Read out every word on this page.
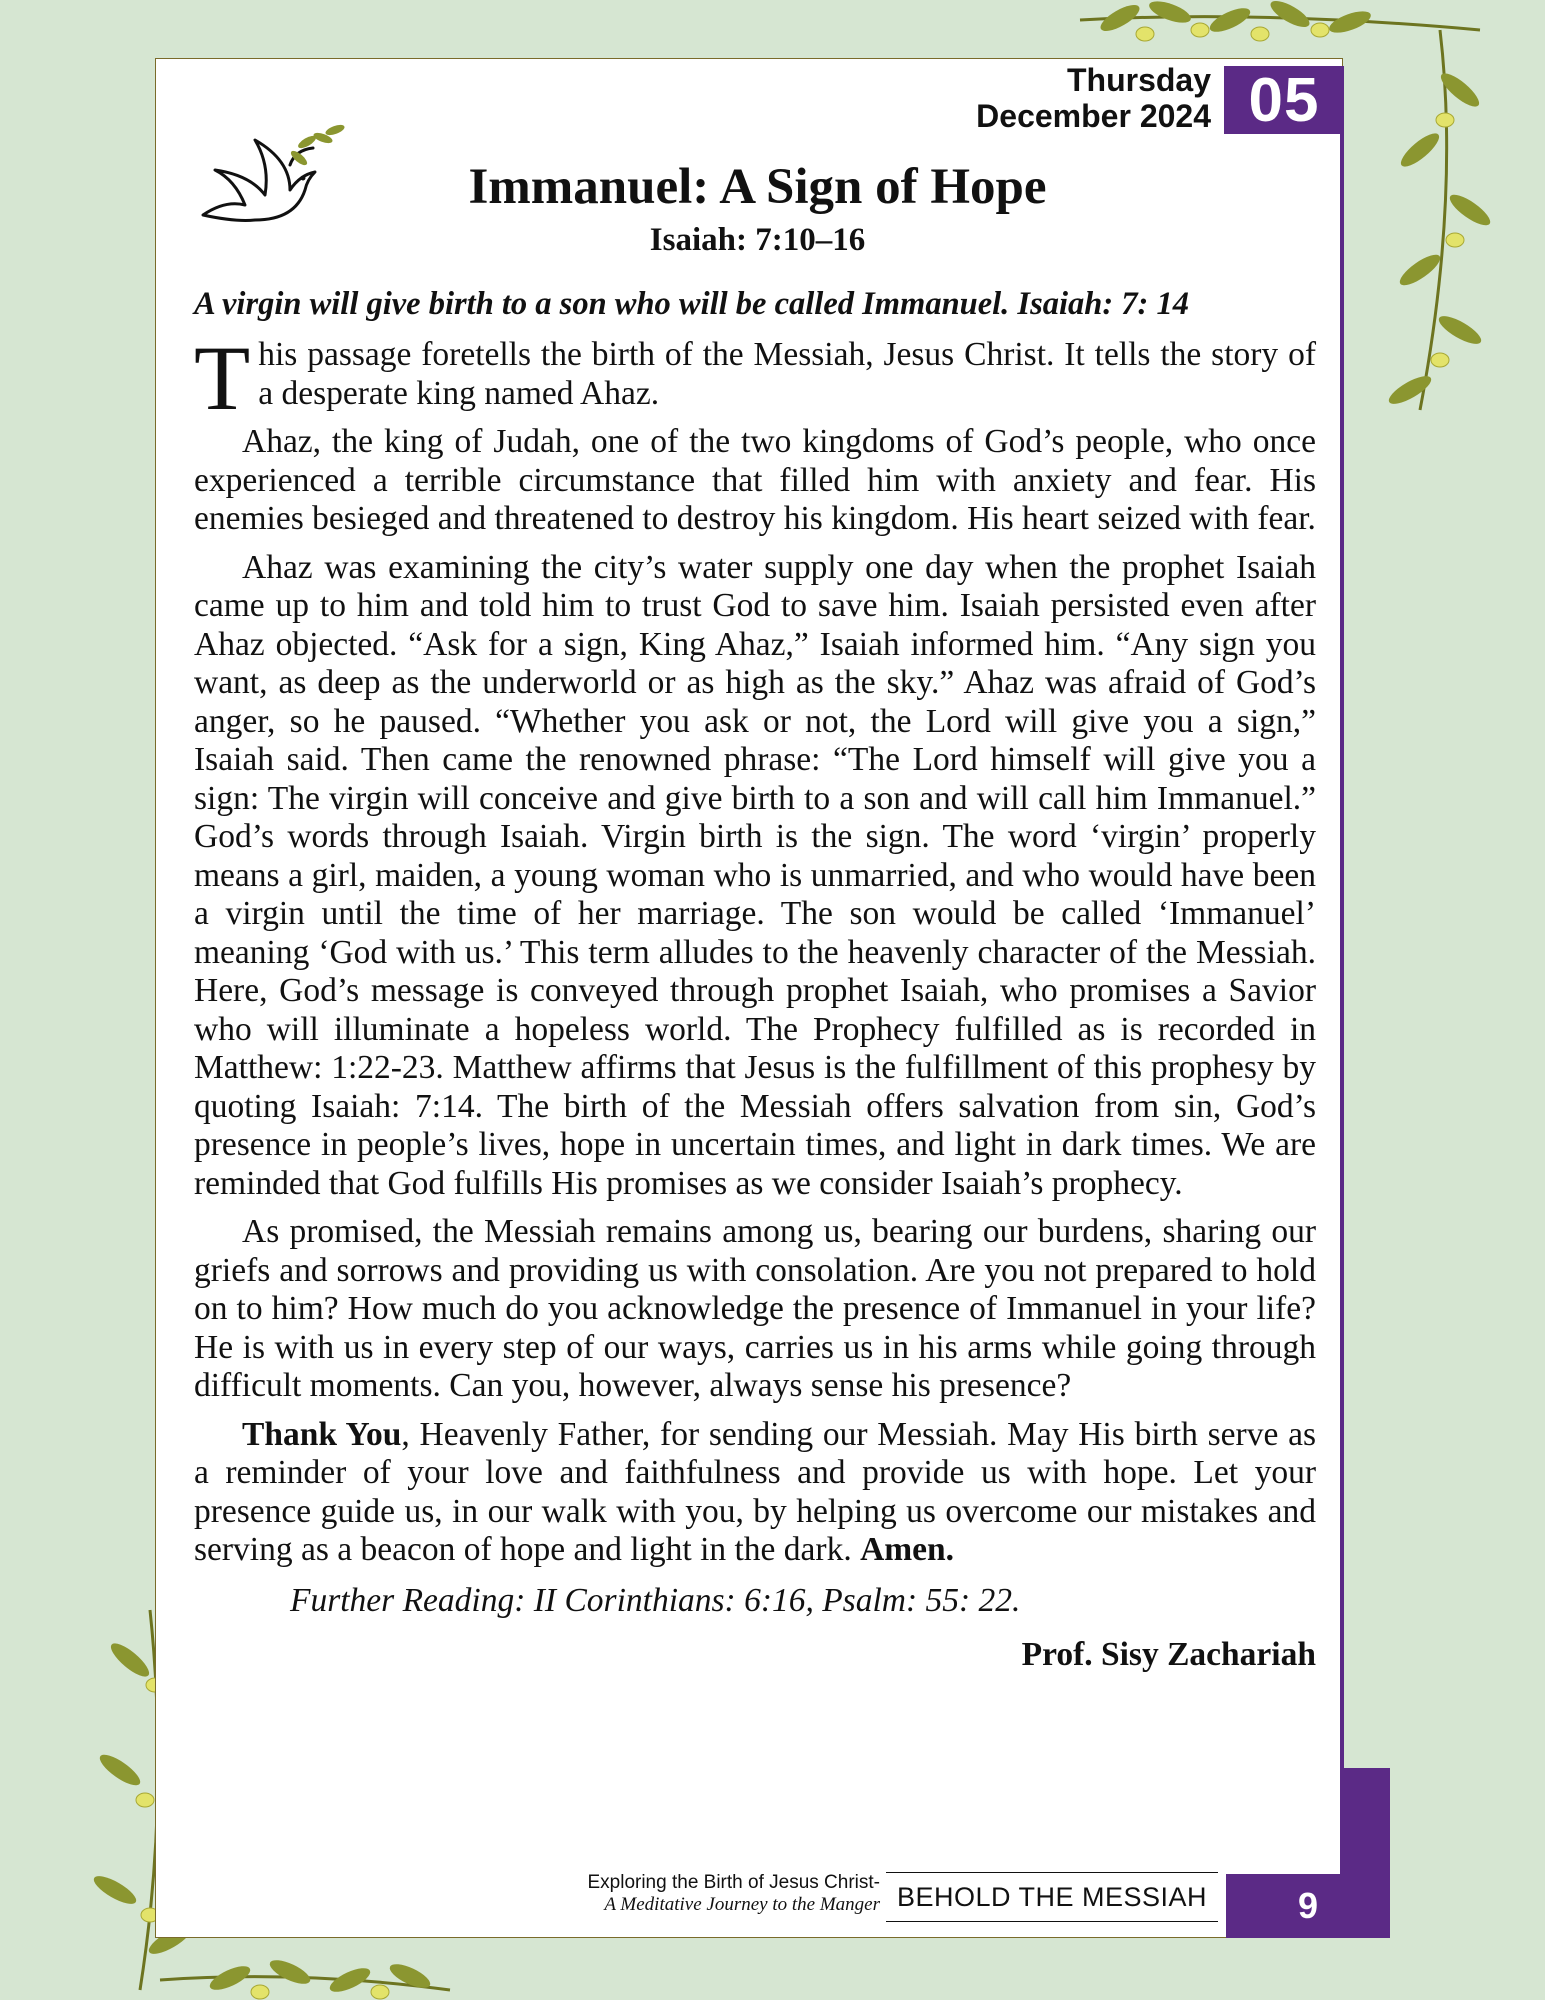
Thursday
December 2024 05
Immanuel: A Sign of Hope
Isaiah: 7:10–16
A virgin will give birth to a son who will be called Immanuel. Isaiah: 7: 14

This passage foretells the birth of the Messiah, Jesus Christ. It tells the story of a desperate king named Ahaz.

Ahaz, the king of Judah, one of the two kingdoms of God’s people, who once experienced a terrible circumstance that filled him with anxiety and fear. His enemies besieged and threatened to destroy his kingdom. His heart seized with fear.

Ahaz was examining the city’s water supply one day when the prophet Isaiah came up to him and told him to trust God to save him. Isaiah persisted even after Ahaz objected. “Ask for a sign, King Ahaz,” Isaiah informed him. “Any sign you want, as deep as the underworld or as high as the sky.” Ahaz was afraid of God’s anger, so he paused. “Whether you ask or not, the Lord will give you a sign,” Isaiah said. Then came the renowned phrase: “The Lord himself will give you a sign: The virgin will conceive and give birth to a son and will call him Immanuel.” God’s words through Isaiah. Virgin birth is the sign. The word ‘virgin’ properly means a girl, maiden, a young woman who is unmarried, and who would have been a virgin until the time of her marriage. The son would be called ‘Immanuel’ meaning ‘God with us.’ This term alludes to the heavenly character of the Messiah. Here, God’s message is conveyed through prophet Isaiah, who promises a Savior who will illuminate a hopeless world. The Prophecy fulfilled as is recorded in Matthew: 1:22-23. Matthew affirms that Jesus is the fulfillment of this prophesy by quoting Isaiah: 7:14. The birth of the Messiah offers salvation from sin, God’s presence in people’s lives, hope in uncertain times, and light in dark times. We are reminded that God fulfills His promises as we consider Isaiah’s prophecy.

As promised, the Messiah remains among us, bearing our burdens, sharing our griefs and sorrows and providing us with consolation. Are you not prepared to hold on to him? How much do you acknowledge the presence of Immanuel in your life? He is with us in every step of our ways, carries us in his arms while going through difficult moments. Can you, however, always sense his presence?

Thank You, Heavenly Father, for sending our Messiah. May His birth serve as a reminder of your love and faithfulness and provide us with hope. Let your presence guide us, in our walk with you, by helping us overcome our mistakes and serving as a beacon of hope and light in the dark. Amen.

Further Reading: II Corinthians: 6:16, Psalm: 55: 22.

Prof. Sisy Zachariah
Exploring the Birth of Jesus Christ-
A Meditative Journey to the Manger BEHOLD THE MESSIAH	9
